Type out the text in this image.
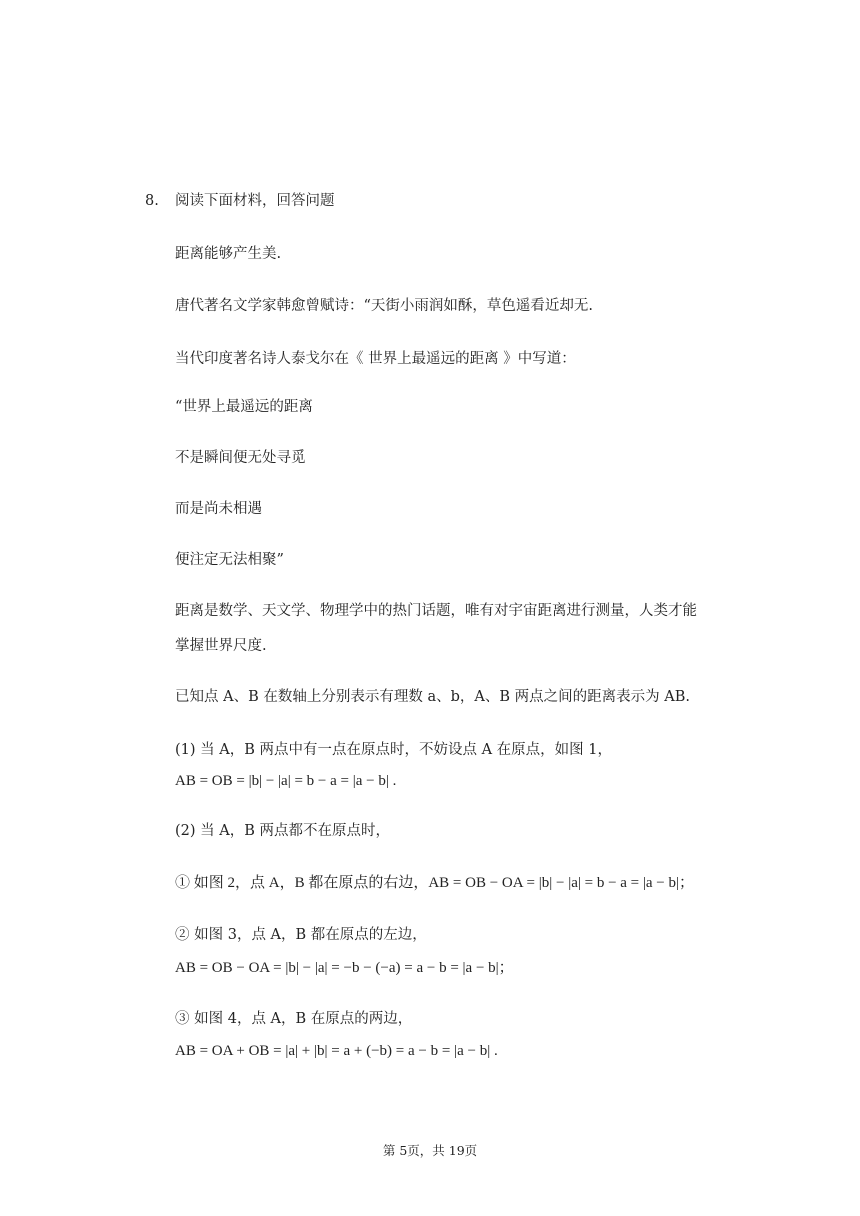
8. 阅读下面材料，回答问题
距离能够产生美.
唐代著名文学家韩愈曾赋诗：“天街小雨润如酥，草色遥看近却无.
当代印度著名诗人泰戈尔在《 世界上最遥远的距离 》中写道：
“世界上最遥远的距离
不是瞬间便无处寻觅
而是尚未相遇
便注定无法相聚”
距离是数学、天文学、物理学中的热门话题，唯有对宇宙距离进行测量，人类才能
掌握世界尺度.
已知点 A、B 在数轴上分别表示有理数 a、b，A、B 两点之间的距离表示为 AB.
(1) 当 A，B 两点中有一点在原点时，不妨设点 A 在原点，如图 1，
AB = OB = |b| − |a| = b − a = |a − b| .
(2) 当 A，B 两点都不在原点时，
① 如图 2，点 A，B 都在原点的右边，AB = OB − OA = |b| − |a| = b − a = |a − b|；
② 如图 3，点 A，B 都在原点的左边，
AB = OB − OA = |b| − |a| = −b − (−a) = a − b = |a − b|；
③ 如图 4，点 A，B 在原点的两边，
AB = OA + OB = |a| + |b| = a + (−b) = a − b = |a − b| .
第 5页，共 19页
